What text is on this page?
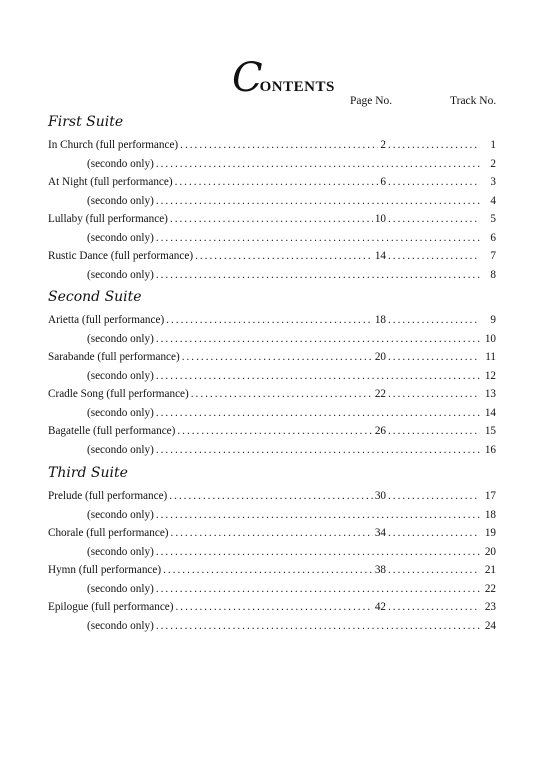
C
ONTENTS
Page No.	Track No.
First Suite
In Church (full performance) .....	2 .....	1
(secondo only) .....	2
At Night (full performance) .....	6 .....	3
(secondo only) .....	4
Lullaby (full performance) .....	10 .....	5
(secondo only) .....	6
Rustic Dance (full performance) .....	14 .....	7
(secondo only) .....	8
Second Suite
Arietta (full performance) .....	18 .....	9
(secondo only) .....	10
Sarabande (full performance) .....	20 .....	11
(secondo only) .....	12
Cradle Song (full performance) .....	22 .....	13
(secondo only) .....	14
Bagatelle (full performance) .....	26 .....	15
(secondo only) .....	16
Third Suite
Prelude (full performance) .....	30 .....	17
(secondo only) .....	18
Chorale (full performance) .....	34 .....	19
(secondo only) .....	20
Hymn (full performance) .....	38 .....	21
(secondo only) .....	22
Epilogue (full performance) .....	42 .....	23
(secondo only) .....	24
